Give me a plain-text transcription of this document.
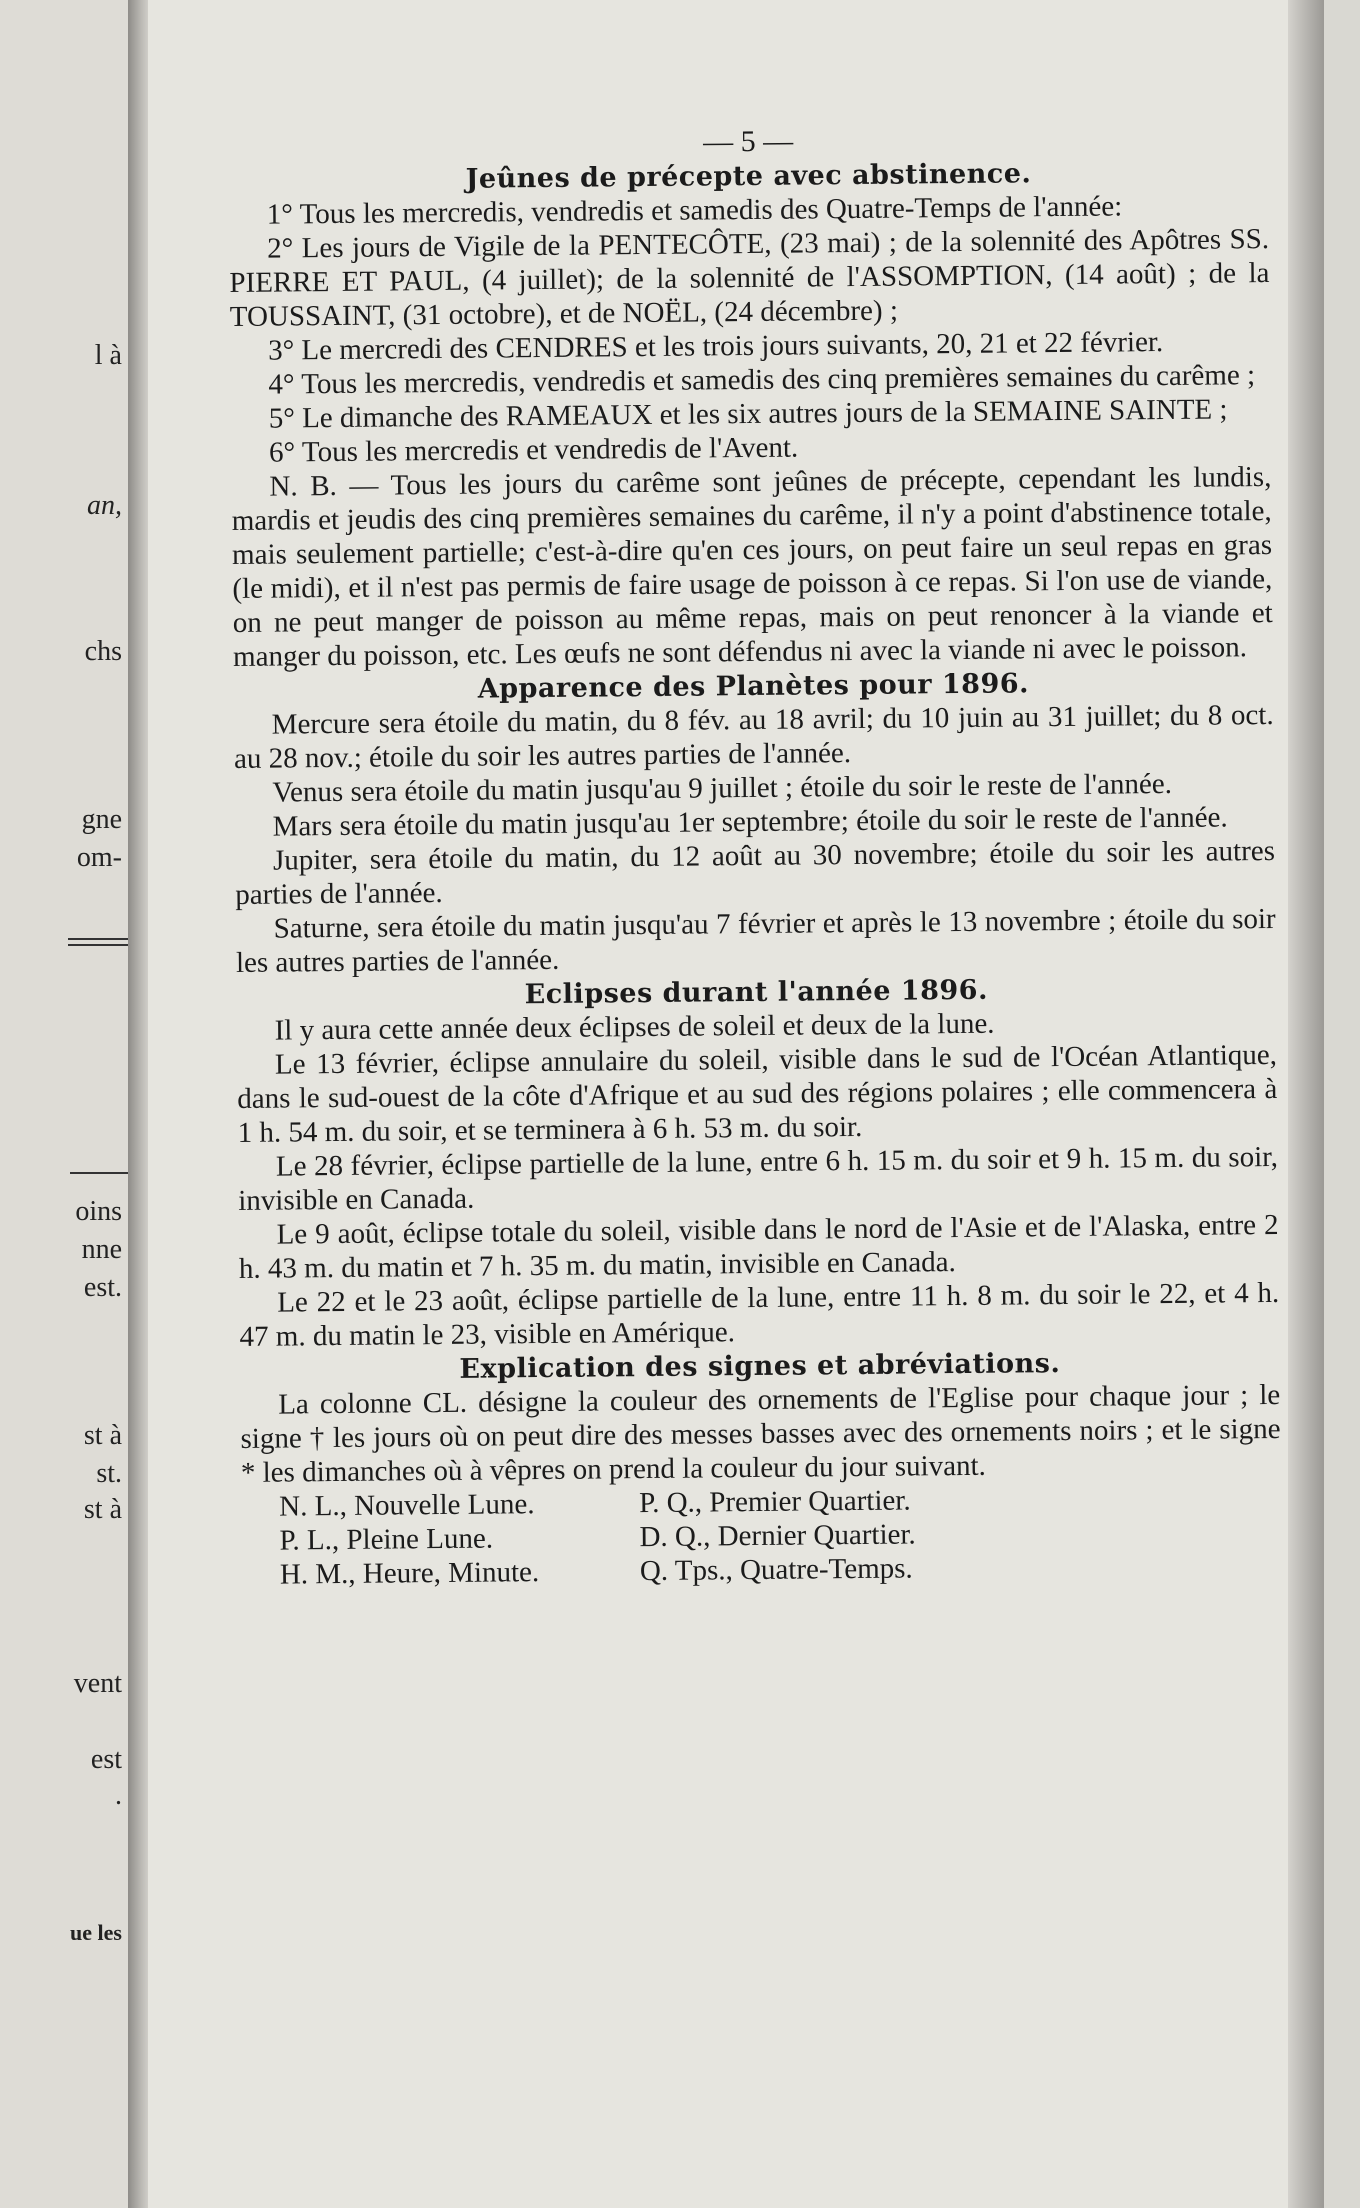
l à
an,
chs
gne
om-
oins
nne
est.
st à
st.
st à
vent
est
.
ue les
— 5 —
Jeûnes de précepte avec abstinence.

1° Tous les mercredis, vendredis et samedis des Quatre-Temps de l'année:

2° Les jours de Vigile de la PENTECÔTE, (23 mai) ; de la solennité des Apôtres SS. PIERRE ET PAUL, (4 juillet); de la solennité de l'ASSOMPTION, (14 août) ; de la TOUSSAINT, (31 octobre), et de NOËL, (24 décembre) ;

3° Le mercredi des CENDRES et les trois jours suivants, 20, 21 et 22 février.

4° Tous les mercredis, vendredis et samedis des cinq premières semaines du carême ;

5° Le dimanche des RAMEAUX et les six autres jours de la SEMAINE SAINTE ;

6° Tous les mercredis et vendredis de l'Avent.

N. B. — Tous les jours du carême sont jeûnes de précepte, cependant les lundis, mardis et jeudis des cinq premières semaines du carême, il n'y a point d'abstinence totale, mais seulement partielle; c'est-à-dire qu'en ces jours, on peut faire un seul repas en gras (le midi), et il n'est pas permis de faire usage de poisson à ce repas. Si l'on use de viande, on ne peut manger de poisson au même repas, mais on peut renoncer à la viande et manger du poisson, etc. Les œufs ne sont défendus ni avec la viande ni avec le poisson.

Apparence des Planètes pour 1896.

Mercure sera étoile du matin, du 8 fév. au 18 avril; du 10 juin au 31 juillet; du 8 oct. au 28 nov.; étoile du soir les autres parties de l'année.

Venus sera étoile du matin jusqu'au 9 juillet ; étoile du soir le reste de l'année.

Mars sera étoile du matin jusqu'au 1er septembre; étoile du soir le reste de l'année.

Jupiter, sera étoile du matin, du 12 août au 30 novembre; étoile du soir les autres parties de l'année.

Saturne, sera étoile du matin jusqu'au 7 février et après le 13 novembre ; étoile du soir les autres parties de l'année.

Eclipses durant l'année 1896.

Il y aura cette année deux éclipses de soleil et deux de la lune.

Le 13 février, éclipse annulaire du soleil, visible dans le sud de l'Océan Atlantique, dans le sud-ouest de la côte d'Afrique et au sud des régions polaires ; elle commencera à 1 h. 54 m. du soir, et se terminera à 6 h. 53 m. du soir.

Le 28 février, éclipse partielle de la lune, entre 6 h. 15 m. du soir et 9 h. 15 m. du soir, invisible en Canada.

Le 9 août, éclipse totale du soleil, visible dans le nord de l'Asie et de l'Alaska, entre 2 h. 43 m. du matin et 7 h. 35 m. du matin, invisible en Canada.

Le 22 et le 23 août, éclipse partielle de la lune, entre 11 h. 8 m. du soir le 22, et 4 h. 47 m. du matin le 23, visible en Amérique.

Explication des signes et abréviations.

La colonne CL. désigne la couleur des ornements de l'Eglise pour chaque jour ; le signe † les jours où on peut dire des messes basses avec des ornements noirs ; et le signe * les dimanches où à vêpres on prend la couleur du jour suivant.

N. L., Nouvelle Lune.	P. Q., Premier Quartier.
P. L., Pleine Lune.	D. Q., Dernier Quartier.
H. M., Heure, Minute.	Q. Tps., Quatre-Temps.
